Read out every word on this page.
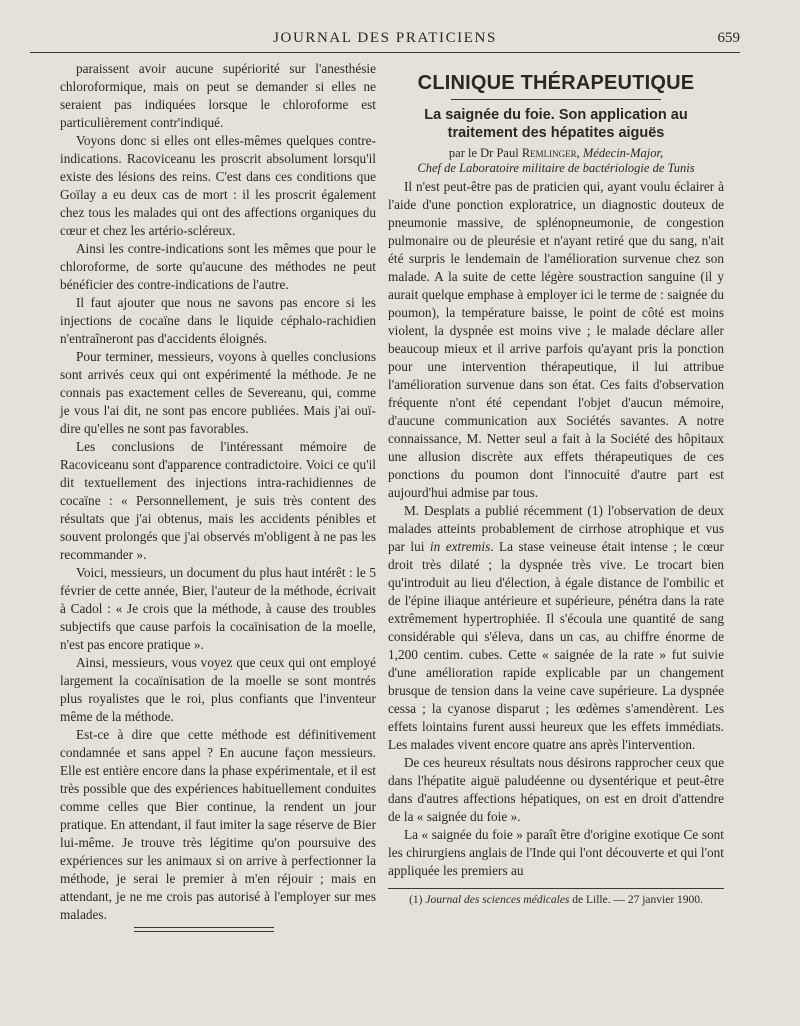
JOURNAL DES PRATICIENS	659

paraissent avoir aucune supériorité sur l'anesthésie chloroformique, mais on peut se demander si elles ne seraient pas indiquées lorsque le chloroforme est particulièrement contr'indiqué.

Voyons donc si elles ont elles-mêmes quelques contre-indications. Racoviceanu les proscrit absolument lorsqu'il existe des lésions des reins. C'est dans ces conditions que Goïlay a eu deux cas de mort : il les proscrit également chez tous les malades qui ont des affections organiques du cœur et chez les artério-scléreux.

Ainsi les contre-indications sont les mêmes que pour le chloroforme, de sorte qu'aucune des méthodes ne peut bénéficier des contre-indications de l'autre.

Il faut ajouter que nous ne savons pas encore si les injections de cocaïne dans le liquide céphalo-rachidien n'entraîneront pas d'accidents éloignés.

Pour terminer, messieurs, voyons à quelles conclusions sont arrivés ceux qui ont expérimenté la méthode. Je ne connais pas exactement celles de Severeanu, qui, comme je vous l'ai dit, ne sont pas encore publiées. Mais j'ai ouï-dire qu'elles ne sont pas favorables.

Les conclusions de l'intéressant mémoire de Racoviceanu sont d'apparence contradictoire. Voici ce qu'il dit textuellement des injections intra-rachidiennes de cocaïne : « Personnellement, je suis très content des résultats que j'ai obtenus, mais les accidents pénibles et souvent prolongés que j'ai observés m'obligent à ne pas les recommander ».

Voici, messieurs, un document du plus haut intérêt : le 5 février de cette année, Bier, l'auteur de la méthode, écrivait à Cadol : « Je crois que la méthode, à cause des troubles subjectifs que cause parfois la cocaïnisation de la moelle, n'est pas encore pratique ».

Ainsi, messieurs, vous voyez que ceux qui ont employé largement la cocaïnisation de la moelle se sont montrés plus royalistes que le roi, plus confiants que l'inventeur même de la méthode.

Est-ce à dire que cette méthode est définitivement condamnée et sans appel ? En aucune façon messieurs. Elle est entière encore dans la phase expérimentale, et il est très possible que des expériences habituellement conduites comme celles que Bier continue, la rendent un jour pratique. En attendant, il faut imiter la sage réserve de Bier lui-même. Je trouve très légitime qu'on poursuive des expériences sur les animaux si on arrive à perfectionner la méthode, je serai le premier à m'en réjouir ; mais en attendant, je ne me crois pas autorisé à l'employer sur mes malades.

CLINIQUE THÉRAPEUTIQUE
La saignée du foie. Son application au traitement des hépatites aiguës
par le Dr Paul Remlinger, Médecin-Major,
Chef de Laboratoire militaire de bactériologie de Tunis

Il n'est peut-être pas de praticien qui, ayant voulu éclairer à l'aide d'une ponction exploratrice, un diagnostic douteux de pneumonie massive, de splénopneumonie, de congestion pulmonaire ou de pleurésie et n'ayant retiré que du sang, n'ait été surpris le lendemain de l'amélioration survenue chez son malade. A la suite de cette légère soustraction sanguine (il y aurait quelque emphase à employer ici le terme de : saignée du poumon), la température baisse, le point de côté est moins violent, la dyspnée est moins vive ; le malade déclare aller beaucoup mieux et il arrive parfois qu'ayant pris la ponction pour une intervention thérapeutique, il lui attribue l'amélioration survenue dans son état. Ces faits d'observation fréquente n'ont été cependant l'objet d'aucun mémoire, d'aucune communication aux Sociétés savantes. A notre connaissance, M. Netter seul a fait à la Société des hôpitaux une allusion discrète aux effets thérapeutiques de ces ponctions du poumon dont l'innocuité d'autre part est aujourd'hui admise par tous.

M. Desplats a publié récemment (1) l'observation de deux malades atteints probablement de cirrhose atrophique et vus par lui in extremis. La stase veineuse était intense ; le cœur droit très dilaté ; la dyspnée très vive. Le trocart bien qu'introduit au lieu d'élection, à égale distance de l'ombilic et de l'épine iliaque antérieure et supérieure, pénétra dans la rate extrêmement hypertrophiée. Il s'écoula une quantité de sang considérable qui s'éleva, dans un cas, au chiffre énorme de 1,200 centim. cubes. Cette « saignée de la rate » fut suivie d'une amélioration rapide explicable par un changement brusque de tension dans la veine cave supérieure. La dyspnée cessa ; la cyanose disparut ; les œdèmes s'amendèrent. Les effets lointains furent aussi heureux que les effets immédiats. Les malades vivent encore quatre ans après l'intervention.

De ces heureux résultats nous désirons rapprocher ceux que dans l'hépatite aiguë paludéenne ou dysentérique et peut-être dans d'autres affections hépatiques, on est en droit d'attendre de la « saignée du foie ».

La « saignée du foie » paraît être d'origine exotique Ce sont les chirurgiens anglais de l'Inde qui l'ont découverte et qui l'ont appliquée les premiers au

(1) Journal des sciences médicales de Lille. — 27 janvier 1900.
